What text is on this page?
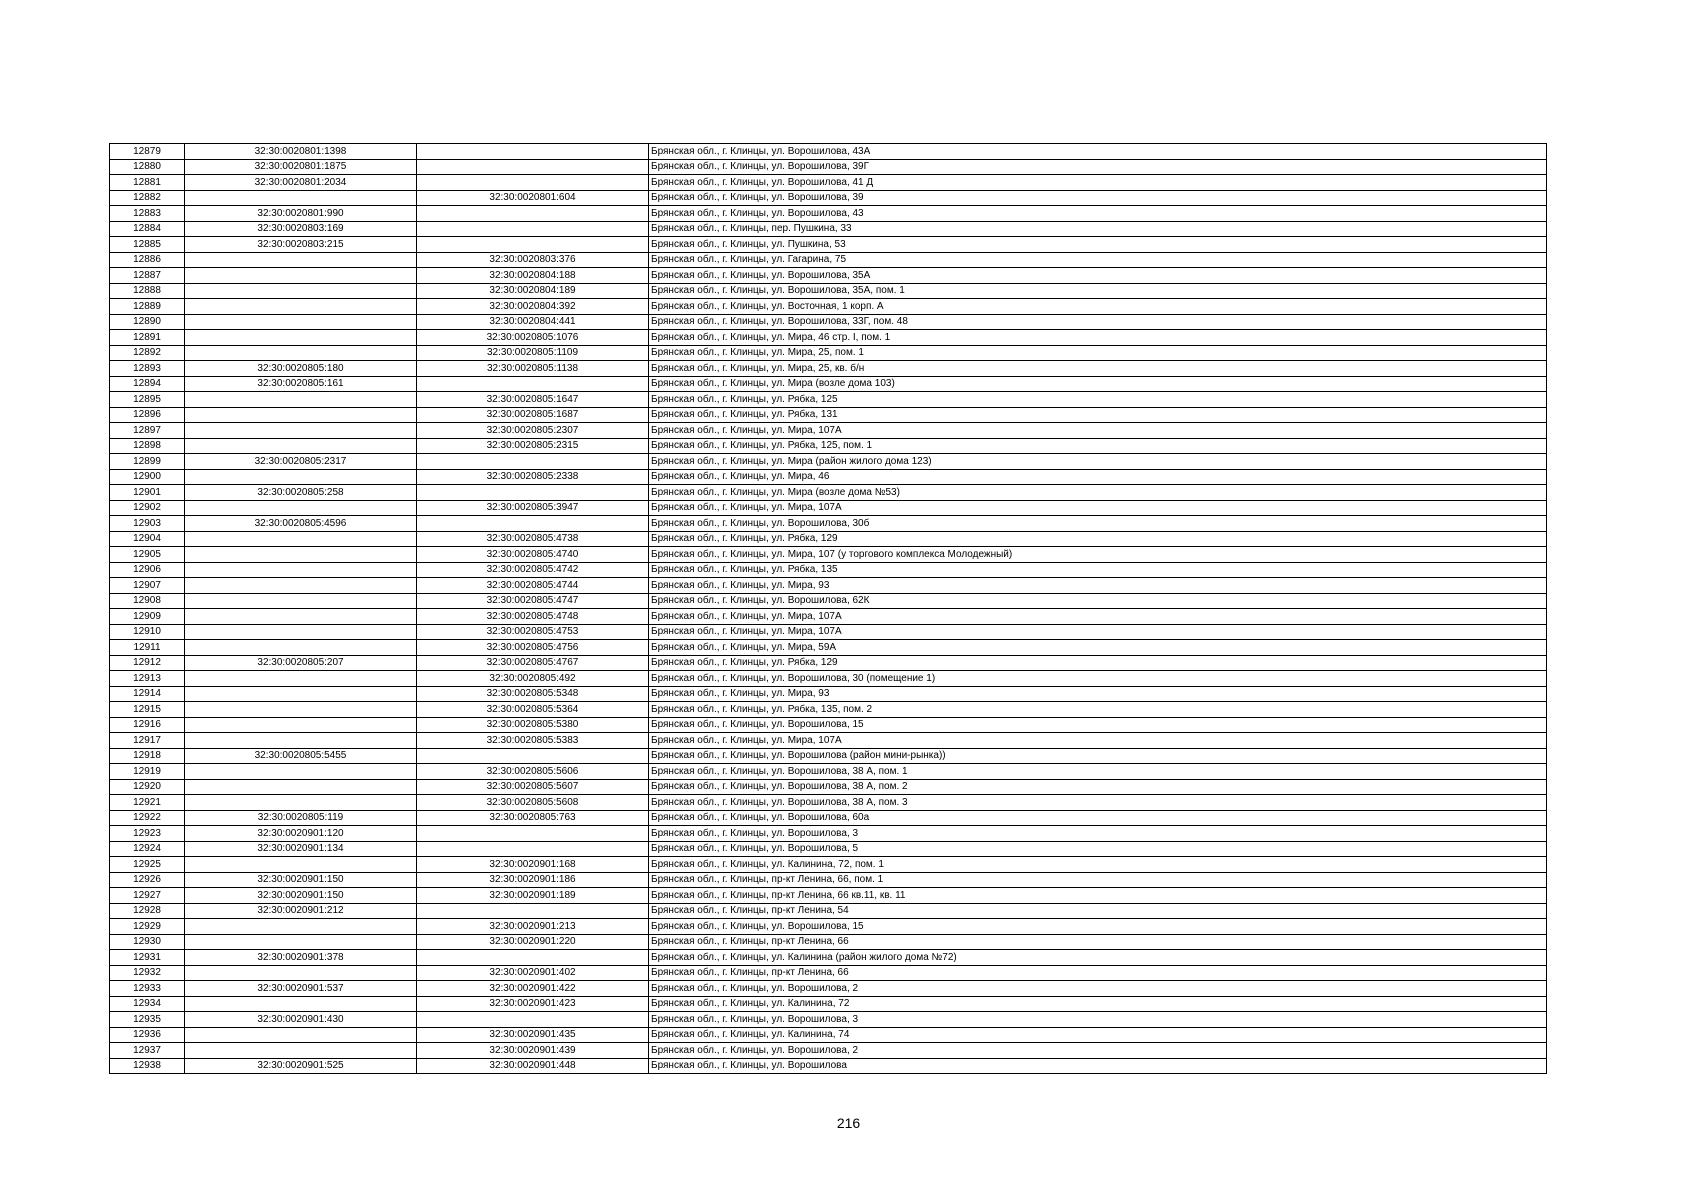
12879	32:30:0020801:1398		Брянская обл., г. Клинцы, ул. Ворошилова, 43А
12880	32:30:0020801:1875		Брянская обл., г. Клинцы, ул. Ворошилова, 39Г
12881	32:30:0020801:2034		Брянская обл., г. Клинцы, ул. Ворошилова, 41 Д
12882		32:30:0020801:604	Брянская обл., г. Клинцы, ул. Ворошилова, 39
12883	32:30:0020801:990		Брянская обл., г. Клинцы, ул. Ворошилова, 43
12884	32:30:0020803:169		Брянская обл., г. Клинцы, пер. Пушкина, 33
12885	32:30:0020803:215		Брянская обл., г. Клинцы, ул. Пушкина, 53
12886		32:30:0020803:376	Брянская обл., г. Клинцы, ул. Гагарина, 75
12887		32:30:0020804:188	Брянская обл., г. Клинцы, ул. Ворошилова, 35А
12888		32:30:0020804:189	Брянская обл., г. Клинцы, ул. Ворошилова, 35А, пом. 1
12889		32:30:0020804:392	Брянская обл., г. Клинцы, ул. Восточная, 1 корп. А
12890		32:30:0020804:441	Брянская обл., г. Клинцы, ул. Ворошилова, 33Г, пом. 48
12891		32:30:0020805:1076	Брянская обл., г. Клинцы, ул. Мира, 46 стр. I, пом. 1
12892		32:30:0020805:1109	Брянская обл., г. Клинцы, ул. Мира, 25, пом. 1
12893	32:30:0020805:180	32:30:0020805:1138	Брянская обл., г. Клинцы, ул. Мира, 25, кв. б/н
12894	32:30:0020805:161		Брянская обл., г. Клинцы, ул. Мира (возле дома 103)
12895		32:30:0020805:1647	Брянская обл., г. Клинцы, ул. Рябка, 125
12896		32:30:0020805:1687	Брянская обл., г. Клинцы, ул. Рябка, 131
12897		32:30:0020805:2307	Брянская обл., г. Клинцы, ул. Мира, 107А
12898		32:30:0020805:2315	Брянская обл., г. Клинцы, ул. Рябка, 125, пом. 1
12899	32:30:0020805:2317		Брянская обл., г. Клинцы, ул. Мира (район жилого дома 123)
12900		32:30:0020805:2338	Брянская обл., г. Клинцы, ул. Мира, 46
12901	32:30:0020805:258		Брянская обл., г. Клинцы, ул. Мира (возле дома №53)
12902		32:30:0020805:3947	Брянская обл., г. Клинцы, ул. Мира, 107А
12903	32:30:0020805:4596		Брянская обл., г. Клинцы, ул. Ворошилова, 30б
12904		32:30:0020805:4738	Брянская обл., г. Клинцы, ул. Рябка, 129
12905		32:30:0020805:4740	Брянская обл., г. Клинцы, ул. Мира, 107 (у торгового комплекса Молодежный)
12906		32:30:0020805:4742	Брянская обл., г. Клинцы, ул. Рябка, 135
12907		32:30:0020805:4744	Брянская обл., г. Клинцы, ул. Мира, 93
12908		32:30:0020805:4747	Брянская обл., г. Клинцы, ул. Ворошилова, 62К
12909		32:30:0020805:4748	Брянская обл., г. Клинцы, ул. Мира, 107А
12910		32:30:0020805:4753	Брянская обл., г. Клинцы, ул. Мира, 107А
12911		32:30:0020805:4756	Брянская обл., г. Клинцы, ул. Мира, 59А
12912	32:30:0020805:207	32:30:0020805:4767	Брянская обл., г. Клинцы, ул. Рябка, 129
12913		32:30:0020805:492	Брянская обл., г. Клинцы, ул. Ворошилова, 30 (помещение 1)
12914		32:30:0020805:5348	Брянская обл., г. Клинцы, ул. Мира, 93
12915		32:30:0020805:5364	Брянская обл., г. Клинцы, ул. Рябка, 135, пом. 2
12916		32:30:0020805:5380	Брянская обл., г. Клинцы, ул. Ворошилова, 15
12917		32:30:0020805:5383	Брянская обл., г. Клинцы, ул. Мира, 107А
12918	32:30:0020805:5455		Брянская обл., г. Клинцы, ул. Ворошилова (район мини-рынка))
12919		32:30:0020805:5606	Брянская обл., г. Клинцы, ул. Ворошилова, 38 А, пом. 1
12920		32:30:0020805:5607	Брянская обл., г. Клинцы, ул. Ворошилова, 38 А, пом. 2
12921		32:30:0020805:5608	Брянская обл., г. Клинцы, ул. Ворошилова, 38 А, пом. 3
12922	32:30:0020805:119	32:30:0020805:763	Брянская обл., г. Клинцы, ул. Ворошилова, 60а
12923	32:30:0020901:120		Брянская обл., г. Клинцы, ул. Ворошилова, 3
12924	32:30:0020901:134		Брянская обл., г. Клинцы, ул. Ворошилова, 5
12925		32:30:0020901:168	Брянская обл., г. Клинцы, ул. Калинина, 72, пом. 1
12926	32:30:0020901:150	32:30:0020901:186	Брянская обл., г. Клинцы, пр-кт Ленина, 66, пом. 1
12927	32:30:0020901:150	32:30:0020901:189	Брянская обл., г. Клинцы, пр-кт Ленина, 66 кв.11, кв. 11
12928	32:30:0020901:212		Брянская обл., г. Клинцы, пр-кт Ленина, 54
12929		32:30:0020901:213	Брянская обл., г. Клинцы, ул. Ворошилова, 15
12930		32:30:0020901:220	Брянская обл., г. Клинцы, пр-кт Ленина, 66
12931	32:30:0020901:378		Брянская обл., г. Клинцы, ул. Калинина (район жилого дома №72)
12932		32:30:0020901:402	Брянская обл., г. Клинцы, пр-кт Ленина, 66
12933	32:30:0020901:537	32:30:0020901:422	Брянская обл., г. Клинцы, ул. Ворошилова, 2
12934		32:30:0020901:423	Брянская обл., г. Клинцы, ул. Калинина, 72
12935	32:30:0020901:430		Брянская обл., г. Клинцы, ул. Ворошилова, 3
12936		32:30:0020901:435	Брянская обл., г. Клинцы, ул. Калинина, 74
12937		32:30:0020901:439	Брянская обл., г. Клинцы, ул. Ворошилова, 2
12938	32:30:0020901:525	32:30:0020901:448	Брянская обл., г. Клинцы, ул. Ворошилова
216
